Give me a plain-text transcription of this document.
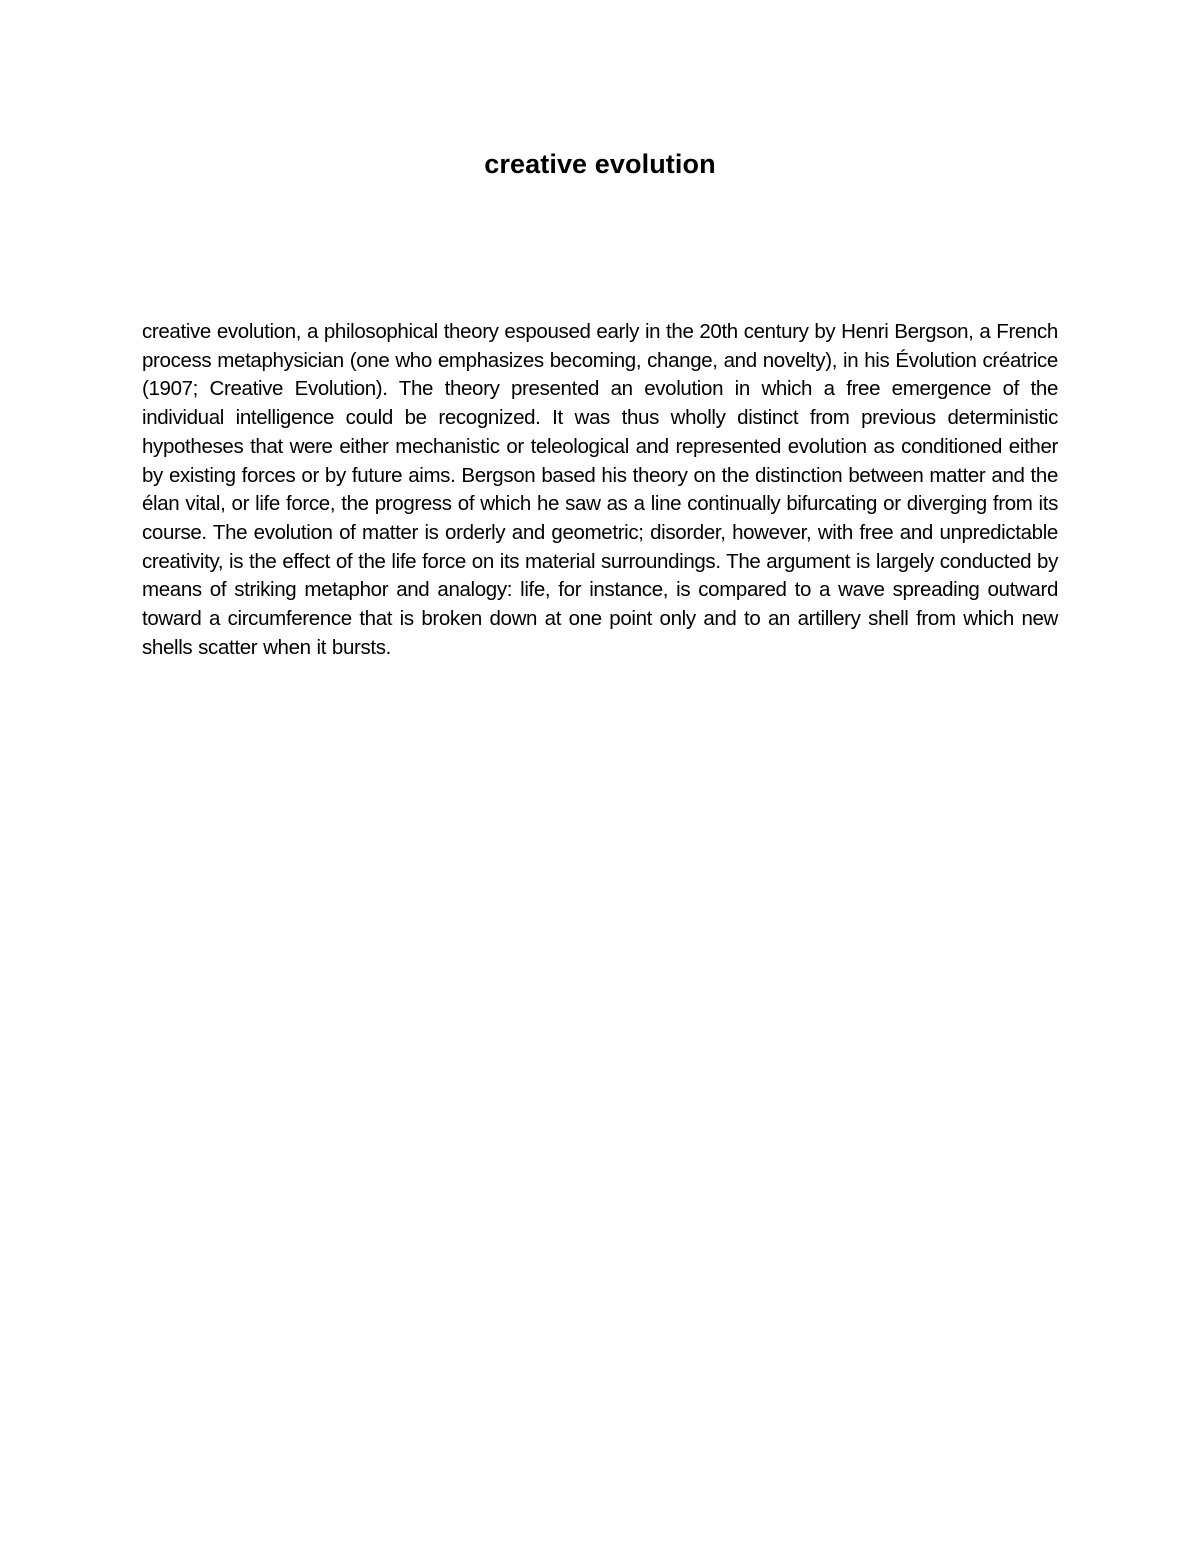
creative evolution

creative evolution, a philosophical theory espoused early in the 20th century by Henri Bergson, a French process metaphysician (one who emphasizes becoming, change, and novelty), in his Évolution créatrice (1907; Creative Evolution). The theory presented an evolution in which a free emergence of the individual intelligence could be recognized. It was thus wholly distinct from previous deterministic hypotheses that were either mechanistic or teleological and represented evolution as conditioned either by existing forces or by future aims. Bergson based his theory on the distinction between matter and the élan vital, or life force, the progress of which he saw as a line continually bifurcating or diverging from its course. The evolution of matter is orderly and geometric; disorder, however, with free and unpredictable creativity, is the effect of the life force on its material surroundings. The argument is largely conducted by means of striking metaphor and analogy: life, for instance, is compared to a wave spreading outward toward a circumference that is broken down at one point only and to an artillery shell from which new shells scatter when it bursts.
